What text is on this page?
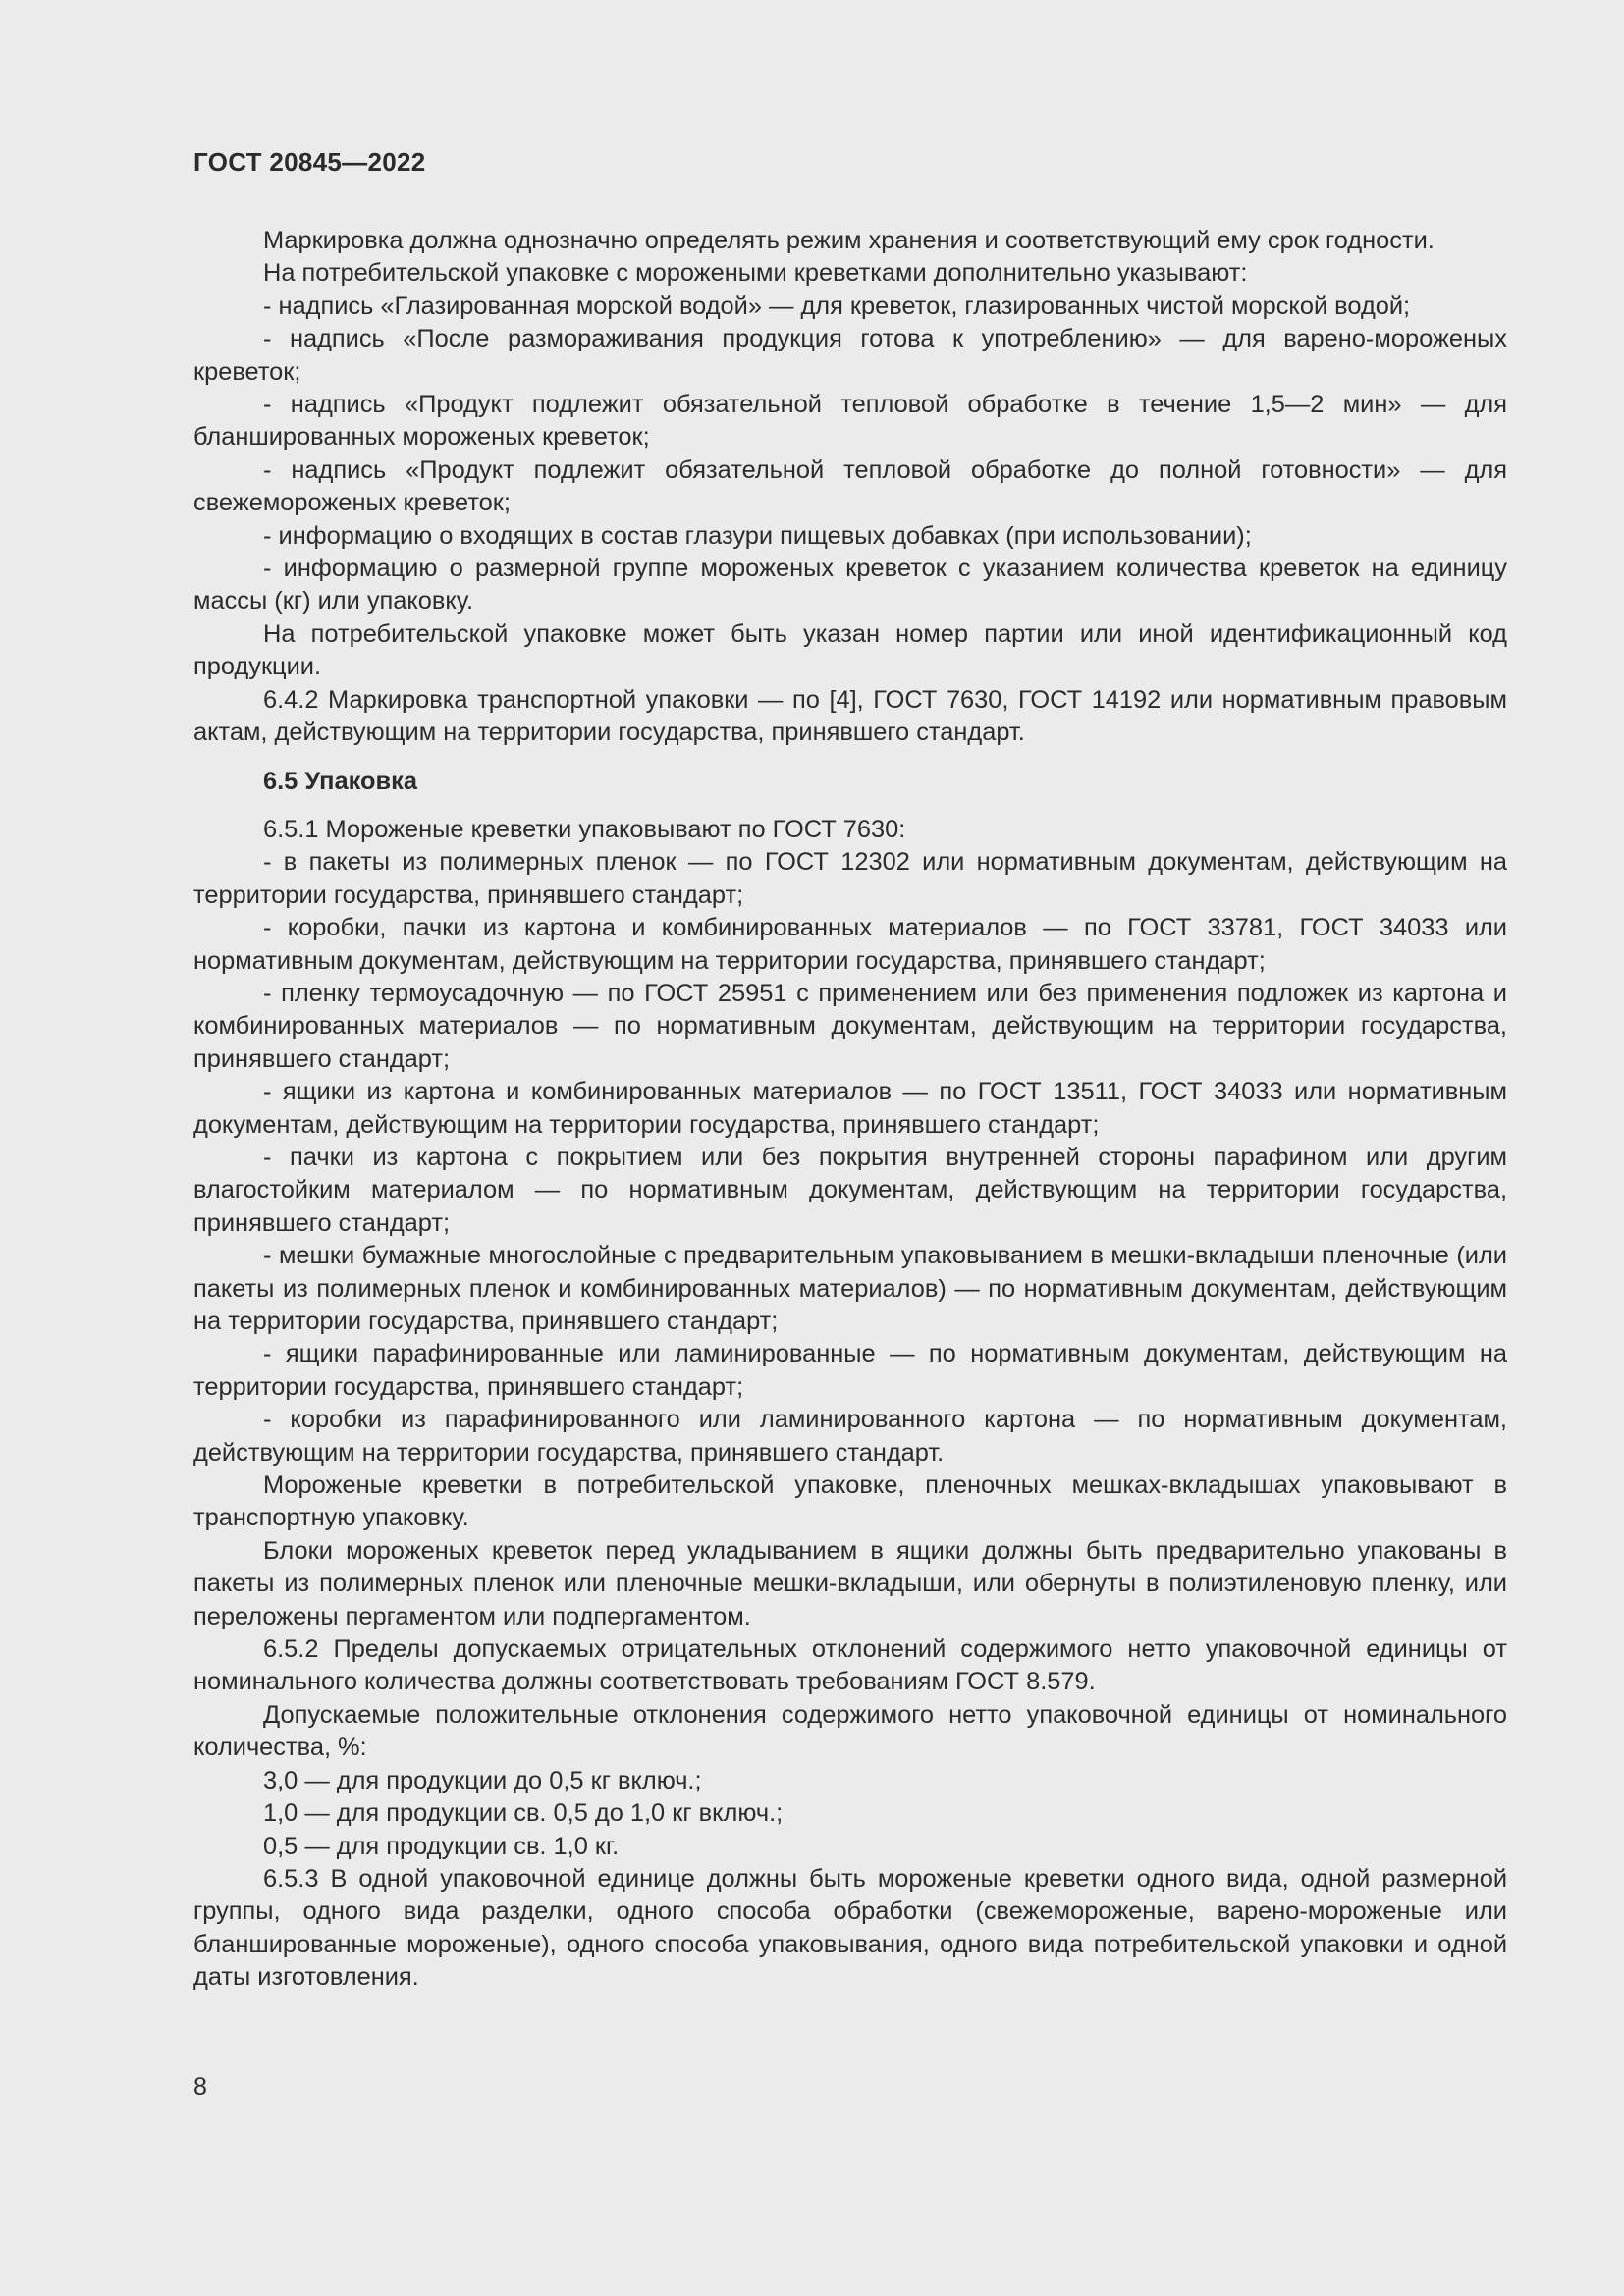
ГОСТ 20845—2022

Маркировка должна однозначно определять режим хранения и соответствующий ему срок годности.

На потребительской упаковке с морожеными креветками дополнительно указывают:

- надпись «Глазированная морской водой» — для креветок, глазированных чистой морской водой;

- надпись «После размораживания продукция готова к употреблению» — для варено-мороженых креветок;

- надпись «Продукт подлежит обязательной тепловой обработке в течение 1,5—2 мин» — для бланшированных мороженых креветок;

- надпись «Продукт подлежит обязательной тепловой обработке до полной готовности» — для свежемороженых креветок;

- информацию о входящих в состав глазури пищевых добавках (при использовании);

- информацию о размерной группе мороженых креветок с указанием количества креветок на единицу массы (кг) или упаковку.

На потребительской упаковке может быть указан номер партии или иной идентификационный код продукции.

6.4.2 Маркировка транспортной упаковки — по [4], ГОСТ 7630, ГОСТ 14192 или нормативным правовым актам, действующим на территории государства, принявшего стандарт.

6.5 Упаковка

6.5.1 Мороженые креветки упаковывают по ГОСТ 7630:

- в пакеты из полимерных пленок — по ГОСТ 12302 или нормативным документам, действующим на территории государства, принявшего стандарт;

- коробки, пачки из картона и комбинированных материалов — по ГОСТ 33781, ГОСТ 34033 или нормативным документам, действующим на территории государства, принявшего стандарт;

- пленку термоусадочную — по ГОСТ 25951 с применением или без применения подложек из картона и комбинированных материалов — по нормативным документам, действующим на территории государства, принявшего стандарт;

- ящики из картона и комбинированных материалов — по ГОСТ 13511, ГОСТ 34033 или нормативным документам, действующим на территории государства, принявшего стандарт;

- пачки из картона с покрытием или без покрытия внутренней стороны парафином или другим влагостойким материалом — по нормативным документам, действующим на территории государства, принявшего стандарт;

- мешки бумажные многослойные с предварительным упаковыванием в мешки-вкладыши пленочные (или пакеты из полимерных пленок и комбинированных материалов) — по нормативным документам, действующим на территории государства, принявшего стандарт;

- ящики парафинированные или ламинированные — по нормативным документам, действующим на территории государства, принявшего стандарт;

- коробки из парафинированного или ламинированного картона — по нормативным документам, действующим на территории государства, принявшего стандарт.

Мороженые креветки в потребительской упаковке, пленочных мешках-вкладышах упаковывают в транспортную упаковку.

Блоки мороженых креветок перед укладыванием в ящики должны быть предварительно упакованы в пакеты из полимерных пленок или пленочные мешки-вкладыши, или обернуты в полиэтиленовую пленку, или переложены пергаментом или подпергаментом.

6.5.2 Пределы допускаемых отрицательных отклонений содержимого нетто упаковочной единицы от номинального количества должны соответствовать требованиям ГОСТ 8.579.

Допускаемые положительные отклонения содержимого нетто упаковочной единицы от номинального количества, %:

3,0 — для продукции до 0,5 кг включ.;

1,0 — для продукции св. 0,5 до 1,0 кг включ.;

0,5 — для продукции св. 1,0 кг.

6.5.3 В одной упаковочной единице должны быть мороженые креветки одного вида, одной размерной группы, одного вида разделки, одного способа обработки (свежемороженые, варено-мороженые или бланшированные мороженые), одного способа упаковывания, одного вида потребительской упаковки и одной даты изготовления.

8
